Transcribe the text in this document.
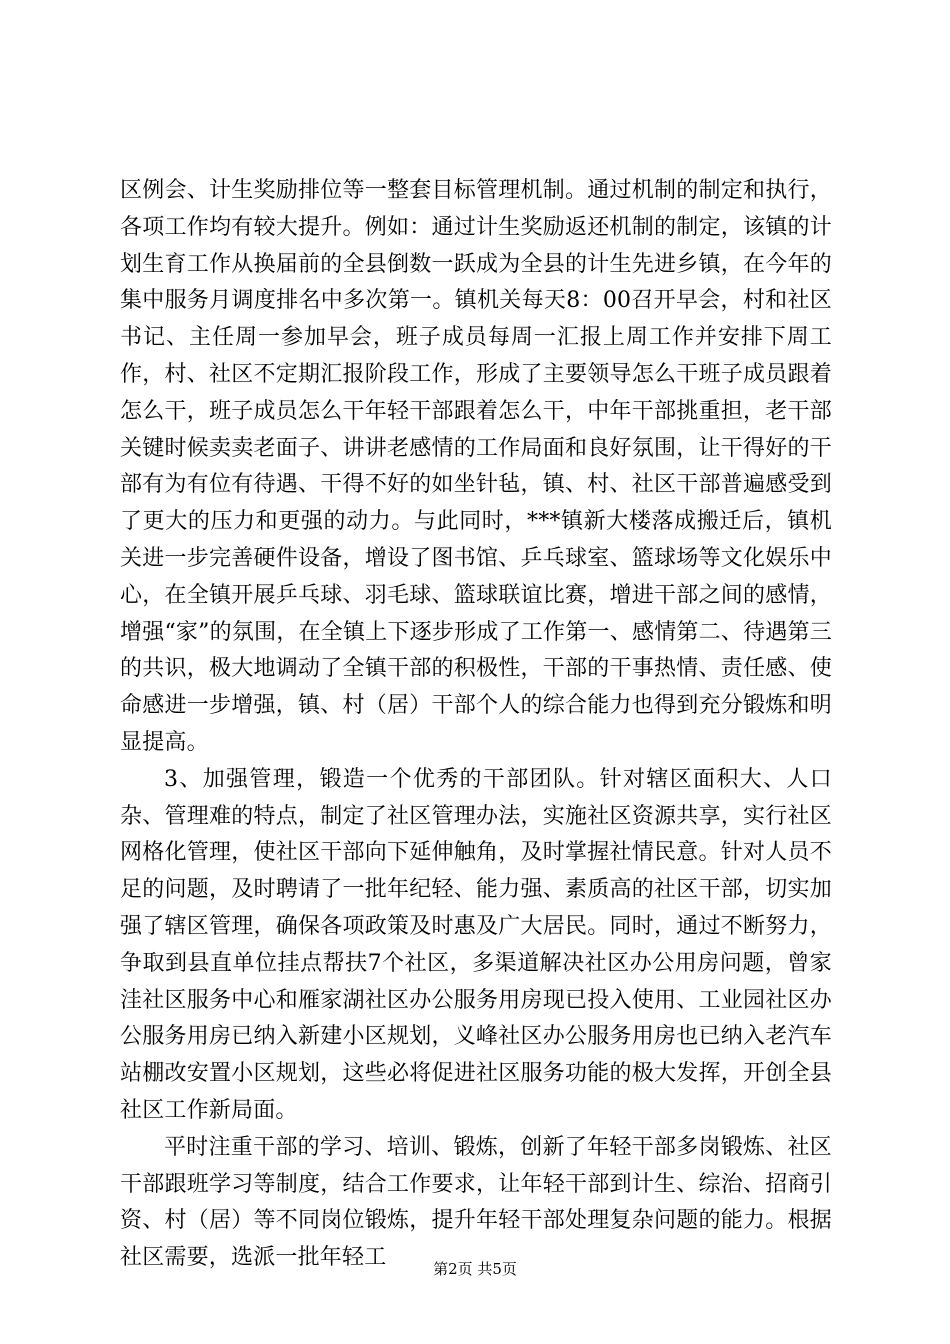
区例会、计生奖励排位等一整套目标管理机制。通过机制的制定和执行，各项工作均有较大提升。例如：通过计生奖励返还机制的制定，该镇的计划生育工作从换届前的全县倒数一跃成为全县的计生先进乡镇，在今年的集中服务月调度排名中多次第一。镇机关每天8：00召开早会，村和社区书记、主任周一参加早会，班子成员每周一汇报上周工作并安排下周工作，村、社区不定期汇报阶段工作，形成了主要领导怎么干班子成员跟着怎么干，班子成员怎么干年轻干部跟着怎么干，中年干部挑重担，老干部关键时候卖卖老面子、讲讲老感情的工作局面和良好氛围，让干得好的干部有为有位有待遇、干得不好的如坐针毡，镇、村、社区干部普遍感受到了更大的压力和更强的动力。与此同时，***镇新大楼落成搬迁后，镇机关进一步完善硬件设备，增设了图书馆、乒乓球室、篮球场等文化娱乐中心，在全镇开展乒乓球、羽毛球、篮球联谊比赛，增进干部之间的感情，增强“家”的氛围，在全镇上下逐步形成了工作第一、感情第二、待遇第三的共识，极大地调动了全镇干部的积极性，干部的干事热情、责任感、使命感进一步增强，镇、村（居）干部个人的综合能力也得到充分锻炼和明显提高。

3、加强管理，锻造一个优秀的干部团队。针对辖区面积大、人口杂、管理难的特点，制定了社区管理办法，实施社区资源共享，实行社区网格化管理，使社区干部向下延伸触角，及时掌握社情民意。针对人员不足的问题，及时聘请了一批年纪轻、能力强、素质高的社区干部，切实加强了辖区管理，确保各项政策及时惠及广大居民。同时，通过不断努力，争取到县直单位挂点帮扶7个社区，多渠道解决社区办公用房问题，曾家洼社区服务中心和雁家湖社区办公服务用房现已投入使用、工业园社区办公服务用房已纳入新建小区规划，义峰社区办公服务用房也已纳入老汽车站棚改安置小区规划，这些必将促进社区服务功能的极大发挥，开创全县社区工作新局面。

平时注重干部的学习、培训、锻炼，创新了年轻干部多岗锻炼、社区干部跟班学习等制度，结合工作要求，让年轻干部到计生、综治、招商引资、村（居）等不同岗位锻炼，提升年轻干部处理复杂问题的能力。根据社区需要，选派一批年轻工	第2页 共5页
